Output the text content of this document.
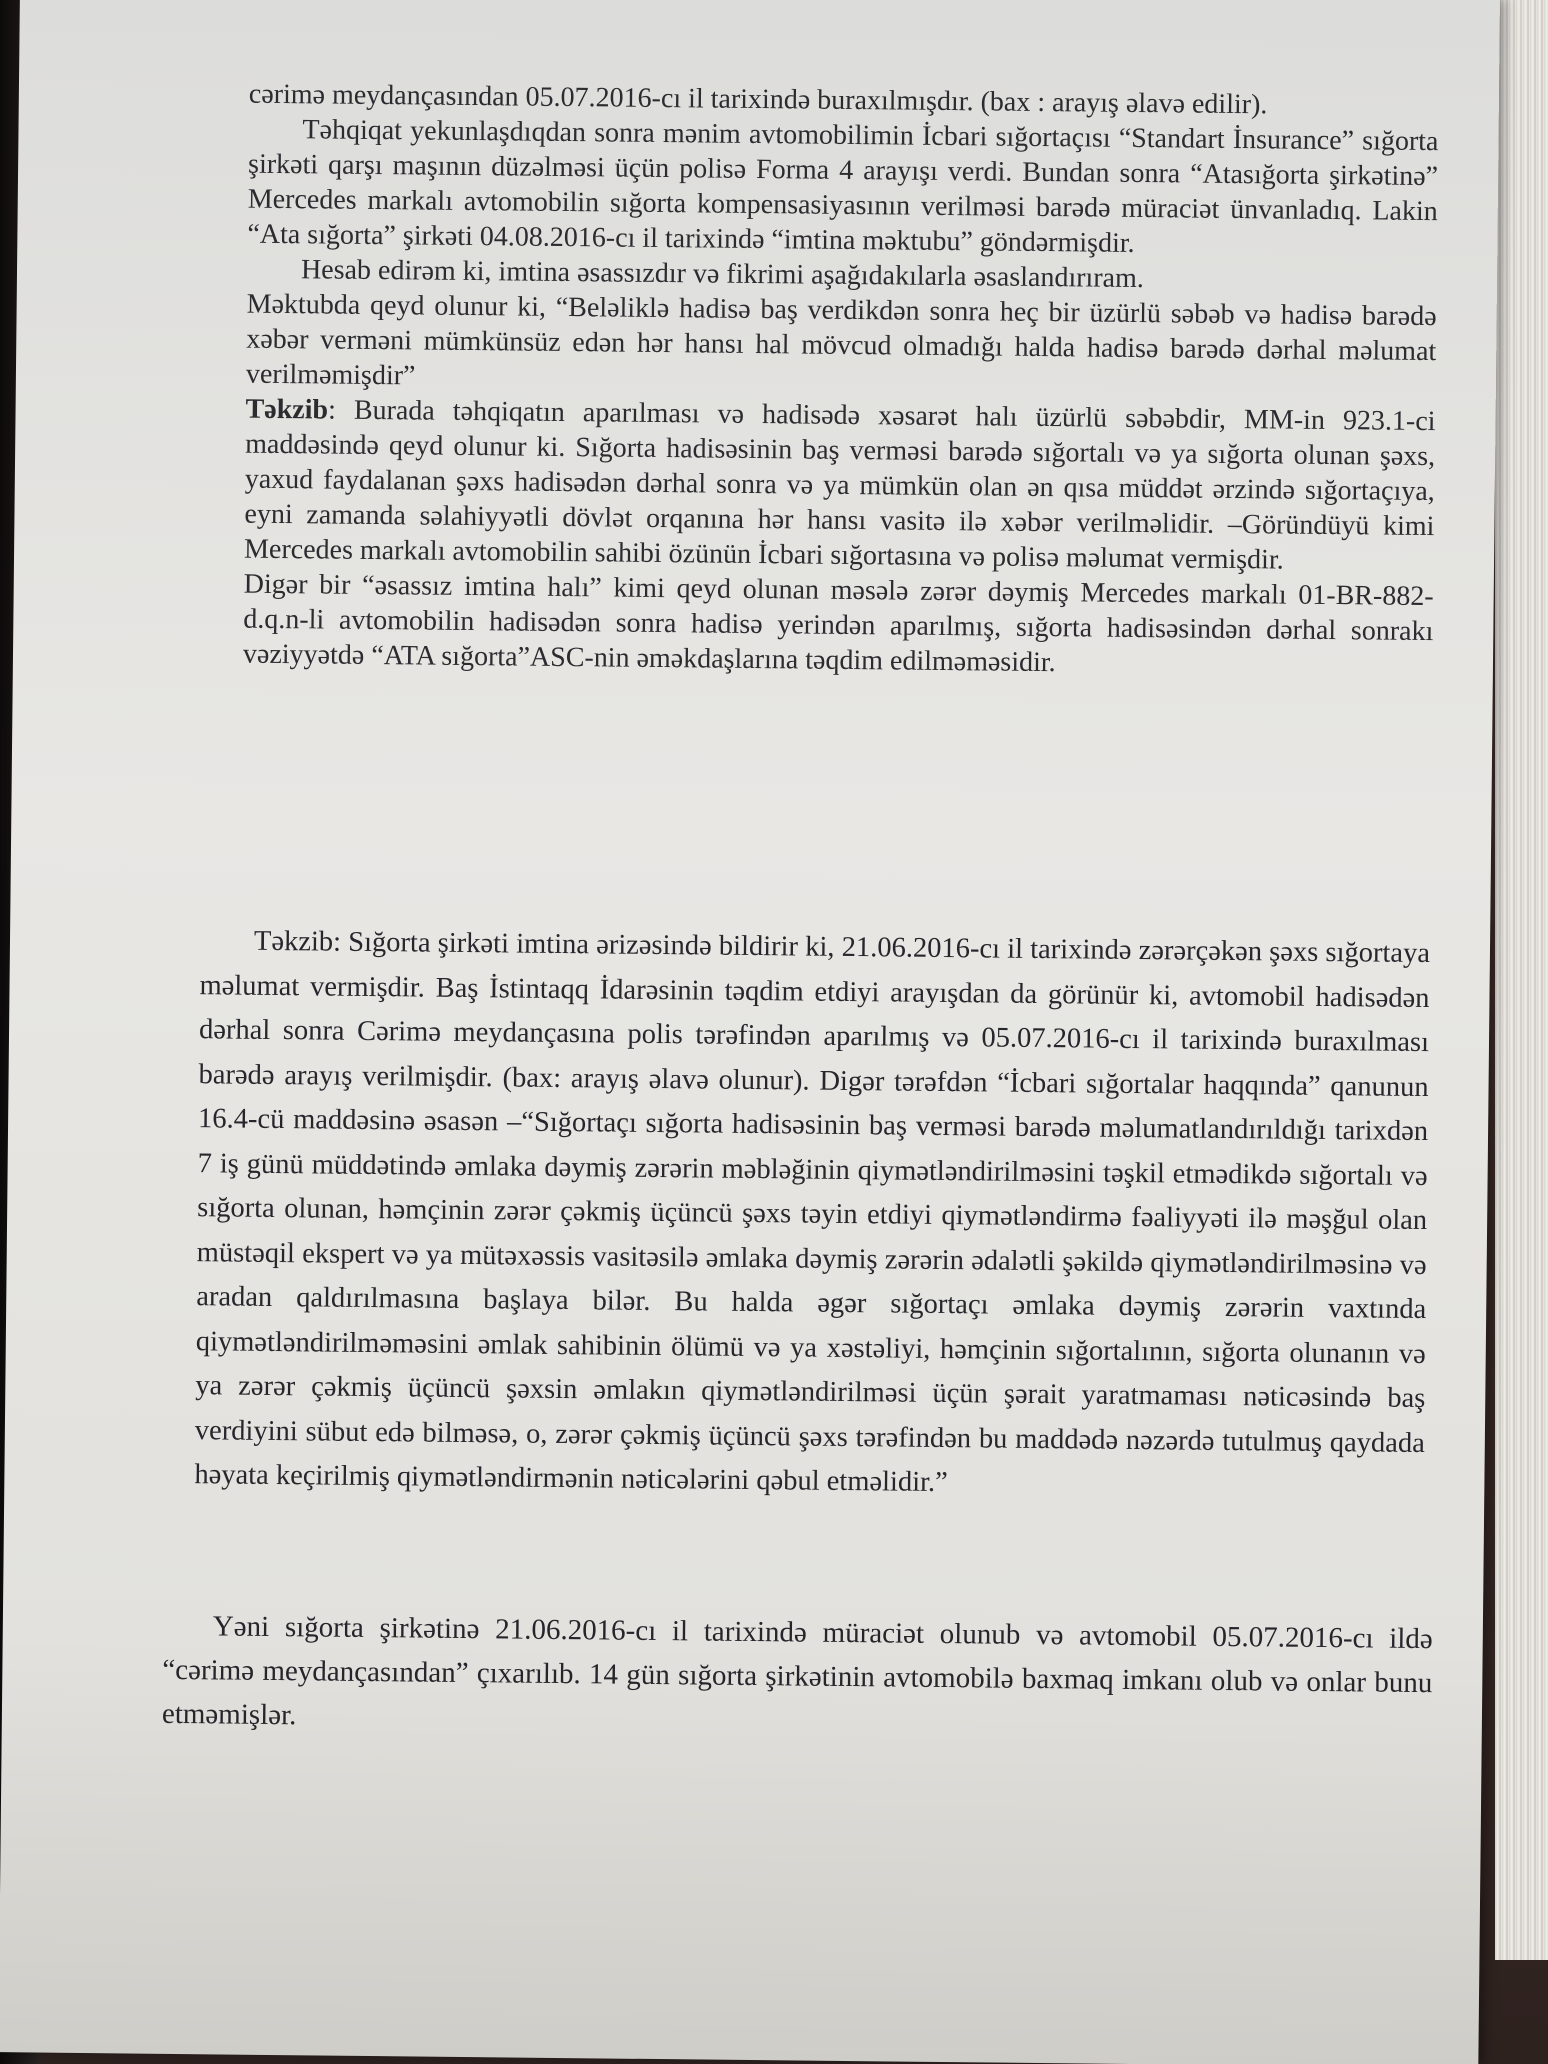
cərimə meydançasından 05.07.2016-cı il tarixində buraxılmışdır. (bax : arayış əlavə edilir).

Təhqiqat yekunlaşdıqdan sonra mənim avtomobilimin İcbari sığortaçısı “Standart İnsurance” sığorta şirkəti qarşı maşının düzəlməsi üçün polisə Forma 4 arayışı verdi. Bundan sonra “Atasığorta şirkətinə” Mercedes markalı avtomobilin sığorta kompensasiyasının verilməsi barədə müraciət ünvanladıq. Lakin “Ata sığorta” şirkəti 04.08.2016-cı il tarixində “imtina məktubu” göndərmişdir.

Hesab edirəm ki, imtina əsassızdır və fikrimi aşağıdakılarla əsaslandırıram.

Məktubda qeyd olunur ki, “Beləliklə hadisə baş verdikdən sonra heç bir üzürlü səbəb və hadisə barədə xəbər verməni mümkünsüz edən hər hansı hal mövcud olmadığı halda hadisə barədə dərhal məlumat verilməmişdir”

Təkzib: Burada təhqiqatın aparılması və hadisədə xəsarət halı üzürlü səbəbdir, MM-in 923.1-ci maddəsində qeyd olunur ki. Sığorta hadisəsinin baş verməsi barədə sığortalı və ya sığorta olunan şəxs, yaxud faydalanan şəxs hadisədən dərhal sonra və ya mümkün olan ən qısa müddət ərzində sığortaçıya, eyni zamanda səlahiyyətli dövlət orqanına hər hansı vasitə ilə xəbər verilməlidir. –Göründüyü kimi Mercedes markalı avtomobilin sahibi özünün İcbari sığortasına və polisə məlumat vermişdir.

Digər bir “əsassız imtina halı” kimi qeyd olunan məsələ zərər dəymiş Mercedes markalı 01-BR-882-d.q.n-li avtomobilin hadisədən sonra hadisə yerindən aparılmış, sığorta hadisəsindən dərhal sonrakı vəziyyətdə “ATA sığorta”ASC-nin əməkdaşlarına təqdim edilməməsidir.

Təkzib: Sığorta şirkəti imtina ərizəsində bildirir ki, 21.06.2016-cı il tarixində zərərçəkən şəxs sığortaya məlumat vermişdir. Baş İstintaqq İdarəsinin təqdim etdiyi arayışdan da görünür ki, avtomobil hadisədən dərhal sonra Cərimə meydançasına polis tərəfindən aparılmış və 05.07.2016-cı il tarixində buraxılması barədə arayış verilmişdir. (bax: arayış əlavə olunur). Digər tərəfdən “İcbari sığortalar haqqında” qanunun 16.4-cü maddəsinə əsasən –“Sığortaçı sığorta hadisəsinin baş verməsi barədə məlumatlandırıldığı tarixdən 7 iş günü müddətində əmlaka dəymiş zərərin məbləğinin qiymətləndirilməsini təşkil etmədikdə sığortalı və sığorta olunan, həmçinin zərər çəkmiş üçüncü şəxs təyin etdiyi qiymətləndirmə fəaliyyəti ilə məşğul olan müstəqil ekspert və ya mütəxəssis vasitəsilə əmlaka dəymiş zərərin ədalətli şəkildə qiymətləndirilməsinə və aradan qaldırılmasına başlaya bilər. Bu halda əgər sığortaçı əmlaka dəymiş zərərin vaxtında qiymətləndirilməməsini əmlak sahibinin ölümü və ya xəstəliyi, həmçinin sığortalının, sığorta olunanın və ya zərər çəkmiş üçüncü şəxsin əmlakın qiymətləndirilməsi üçün şərait yaratmaması nəticəsində baş verdiyini sübut edə bilməsə, o, zərər çəkmiş üçüncü şəxs tərəfindən bu maddədə nəzərdə tutulmuş qaydada həyata keçirilmiş qiymətləndirmənin nəticələrini qəbul etməlidir.”

Yəni sığorta şirkətinə 21.06.2016-cı il tarixində müraciət olunub və avtomobil 05.07.2016-cı ildə “cərimə meydançasından” çıxarılıb. 14 gün sığorta şirkətinin avtomobilə baxmaq imkanı olub və onlar bunu etməmişlər.
